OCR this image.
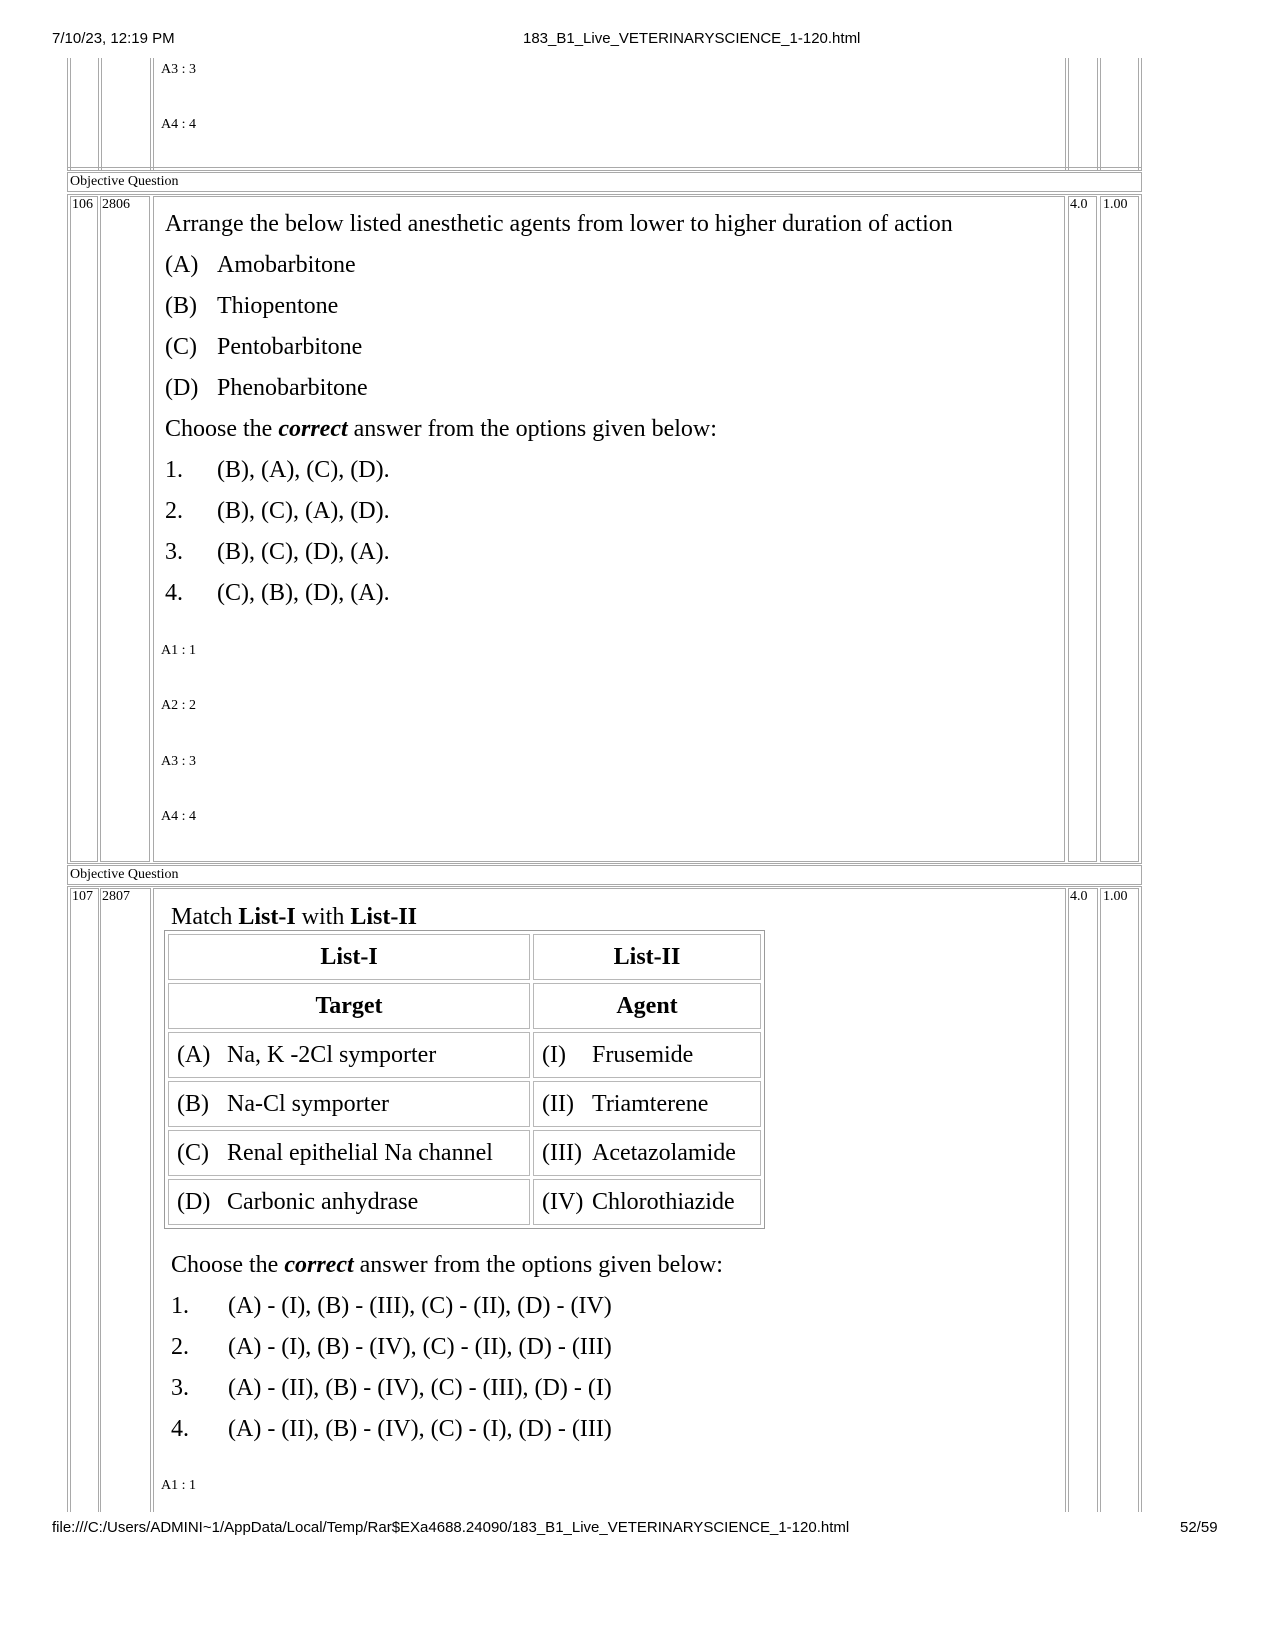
7/10/23, 12:19 PM	183_B1_Live_VETERINARYSCIENCE_1-120.html
A3 : 3
A4 : 4
Objective Question
106 2806	4.0 1.00
Arrange the below listed anesthetic agents from lower to higher duration of action
(A) Amobarbitone
(B) Thiopentone
(C) Pentobarbitone
(D) Phenobarbitone
Choose the correct answer from the options given below:
1. (B), (A), (C), (D).
2. (B), (C), (A), (D).
3. (B), (C), (D), (A).
4. (C), (B), (D), (A).
A1 : 1
A2 : 2
A3 : 3
A4 : 4
Objective Question
107 2807	4.0 1.00
Match List-I with List-II
List-I	List-II
Target	Agent
(A) Na, K -2Cl symporter	(I) Frusemide
(B) Na-Cl symporter	(II) Triamterene
(C) Renal epithelial Na channel	(III) Acetazolamide
(D) Carbonic anhydrase	(IV) Chlorothiazide
Choose the correct answer from the options given below:
1. (A) - (I), (B) - (III), (C) - (II), (D) - (IV)
2. (A) - (I), (B) - (IV), (C) - (II), (D) - (III)
3. (A) - (II), (B) - (IV), (C) - (III), (D) - (I)
4. (A) - (II), (B) - (IV), (C) - (I), (D) - (III)
A1 : 1
file:///C:/Users/ADMINI~1/AppData/Local/Temp/Rar$EXa4688.24090/183_B1_Live_VETERINARYSCIENCE_1-120.html	52/59
